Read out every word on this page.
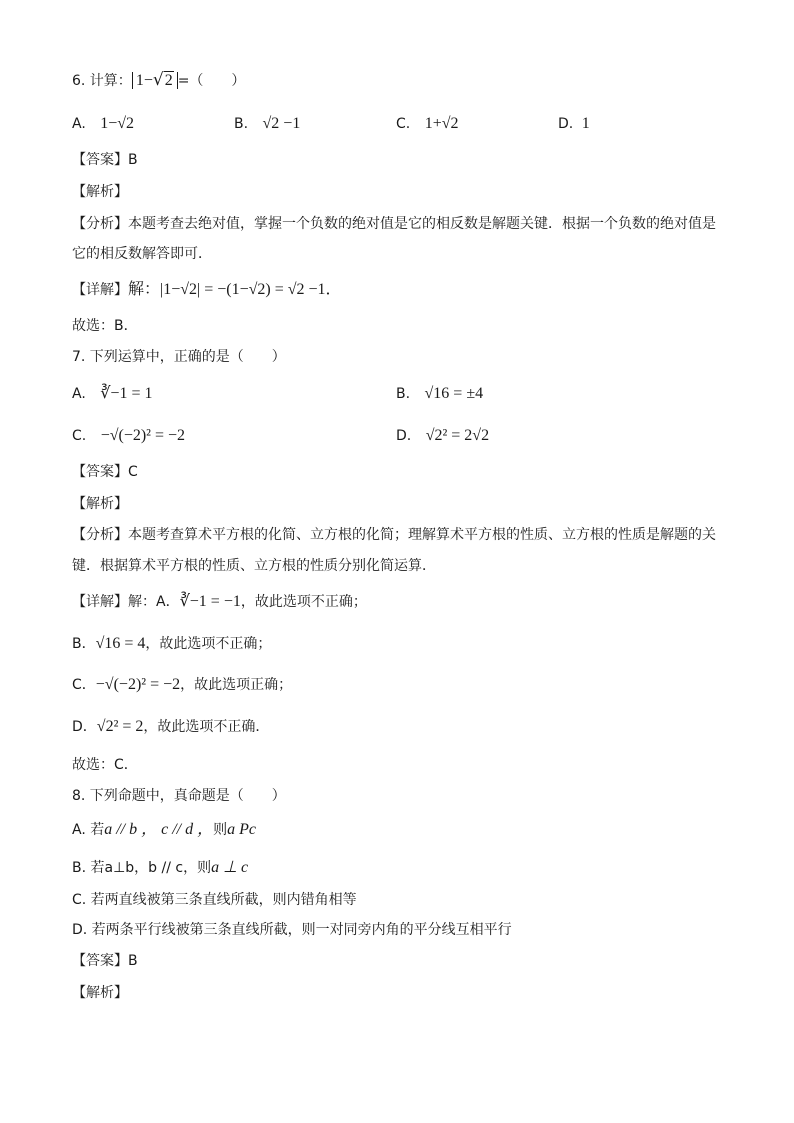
6. 计算： 1−√2 =（　　）
A. 1−√2	B. √2 −1	C. 1+√2	D. 1
【答案】B
【解析】
【分析】本题考查去绝对值，掌握一个负数的绝对值是它的相反数是解题关键．根据一个负数的绝对值是
它的相反数解答即可．
【详解】解：|1−√2| = −(1−√2) = √2 −1．
故选：B．
7. 下列运算中，正确的是（　　）
A. ∛−1 = 1	B. √16 = ±4
C. −√(−2)² = −2	D. √2² = 2√2
【答案】C
【解析】
【分析】本题考查算术平方根的化简、立方根的化简；理解算术平方根的性质、立方根的性质是解题的关
键．根据算术平方根的性质、立方根的性质分别化简运算．
【详解】解：A．∛−1 = −1，故此选项不正确；
B．√16 = 4，故此选项不正确；
C．−√(−2)² = −2，故此选项正确；
D．√2² = 2，故此选项不正确．
故选：C．
8. 下列命题中，真命题是（　　）
A. 若a // b ， c // d ，则a Pc
B. 若a⊥b，b // c，则a ⊥ c
C. 若两直线被第三条直线所截，则内错角相等
D. 若两条平行线被第三条直线所截，则一对同旁内角的平分线互相平行
【答案】B
【解析】
